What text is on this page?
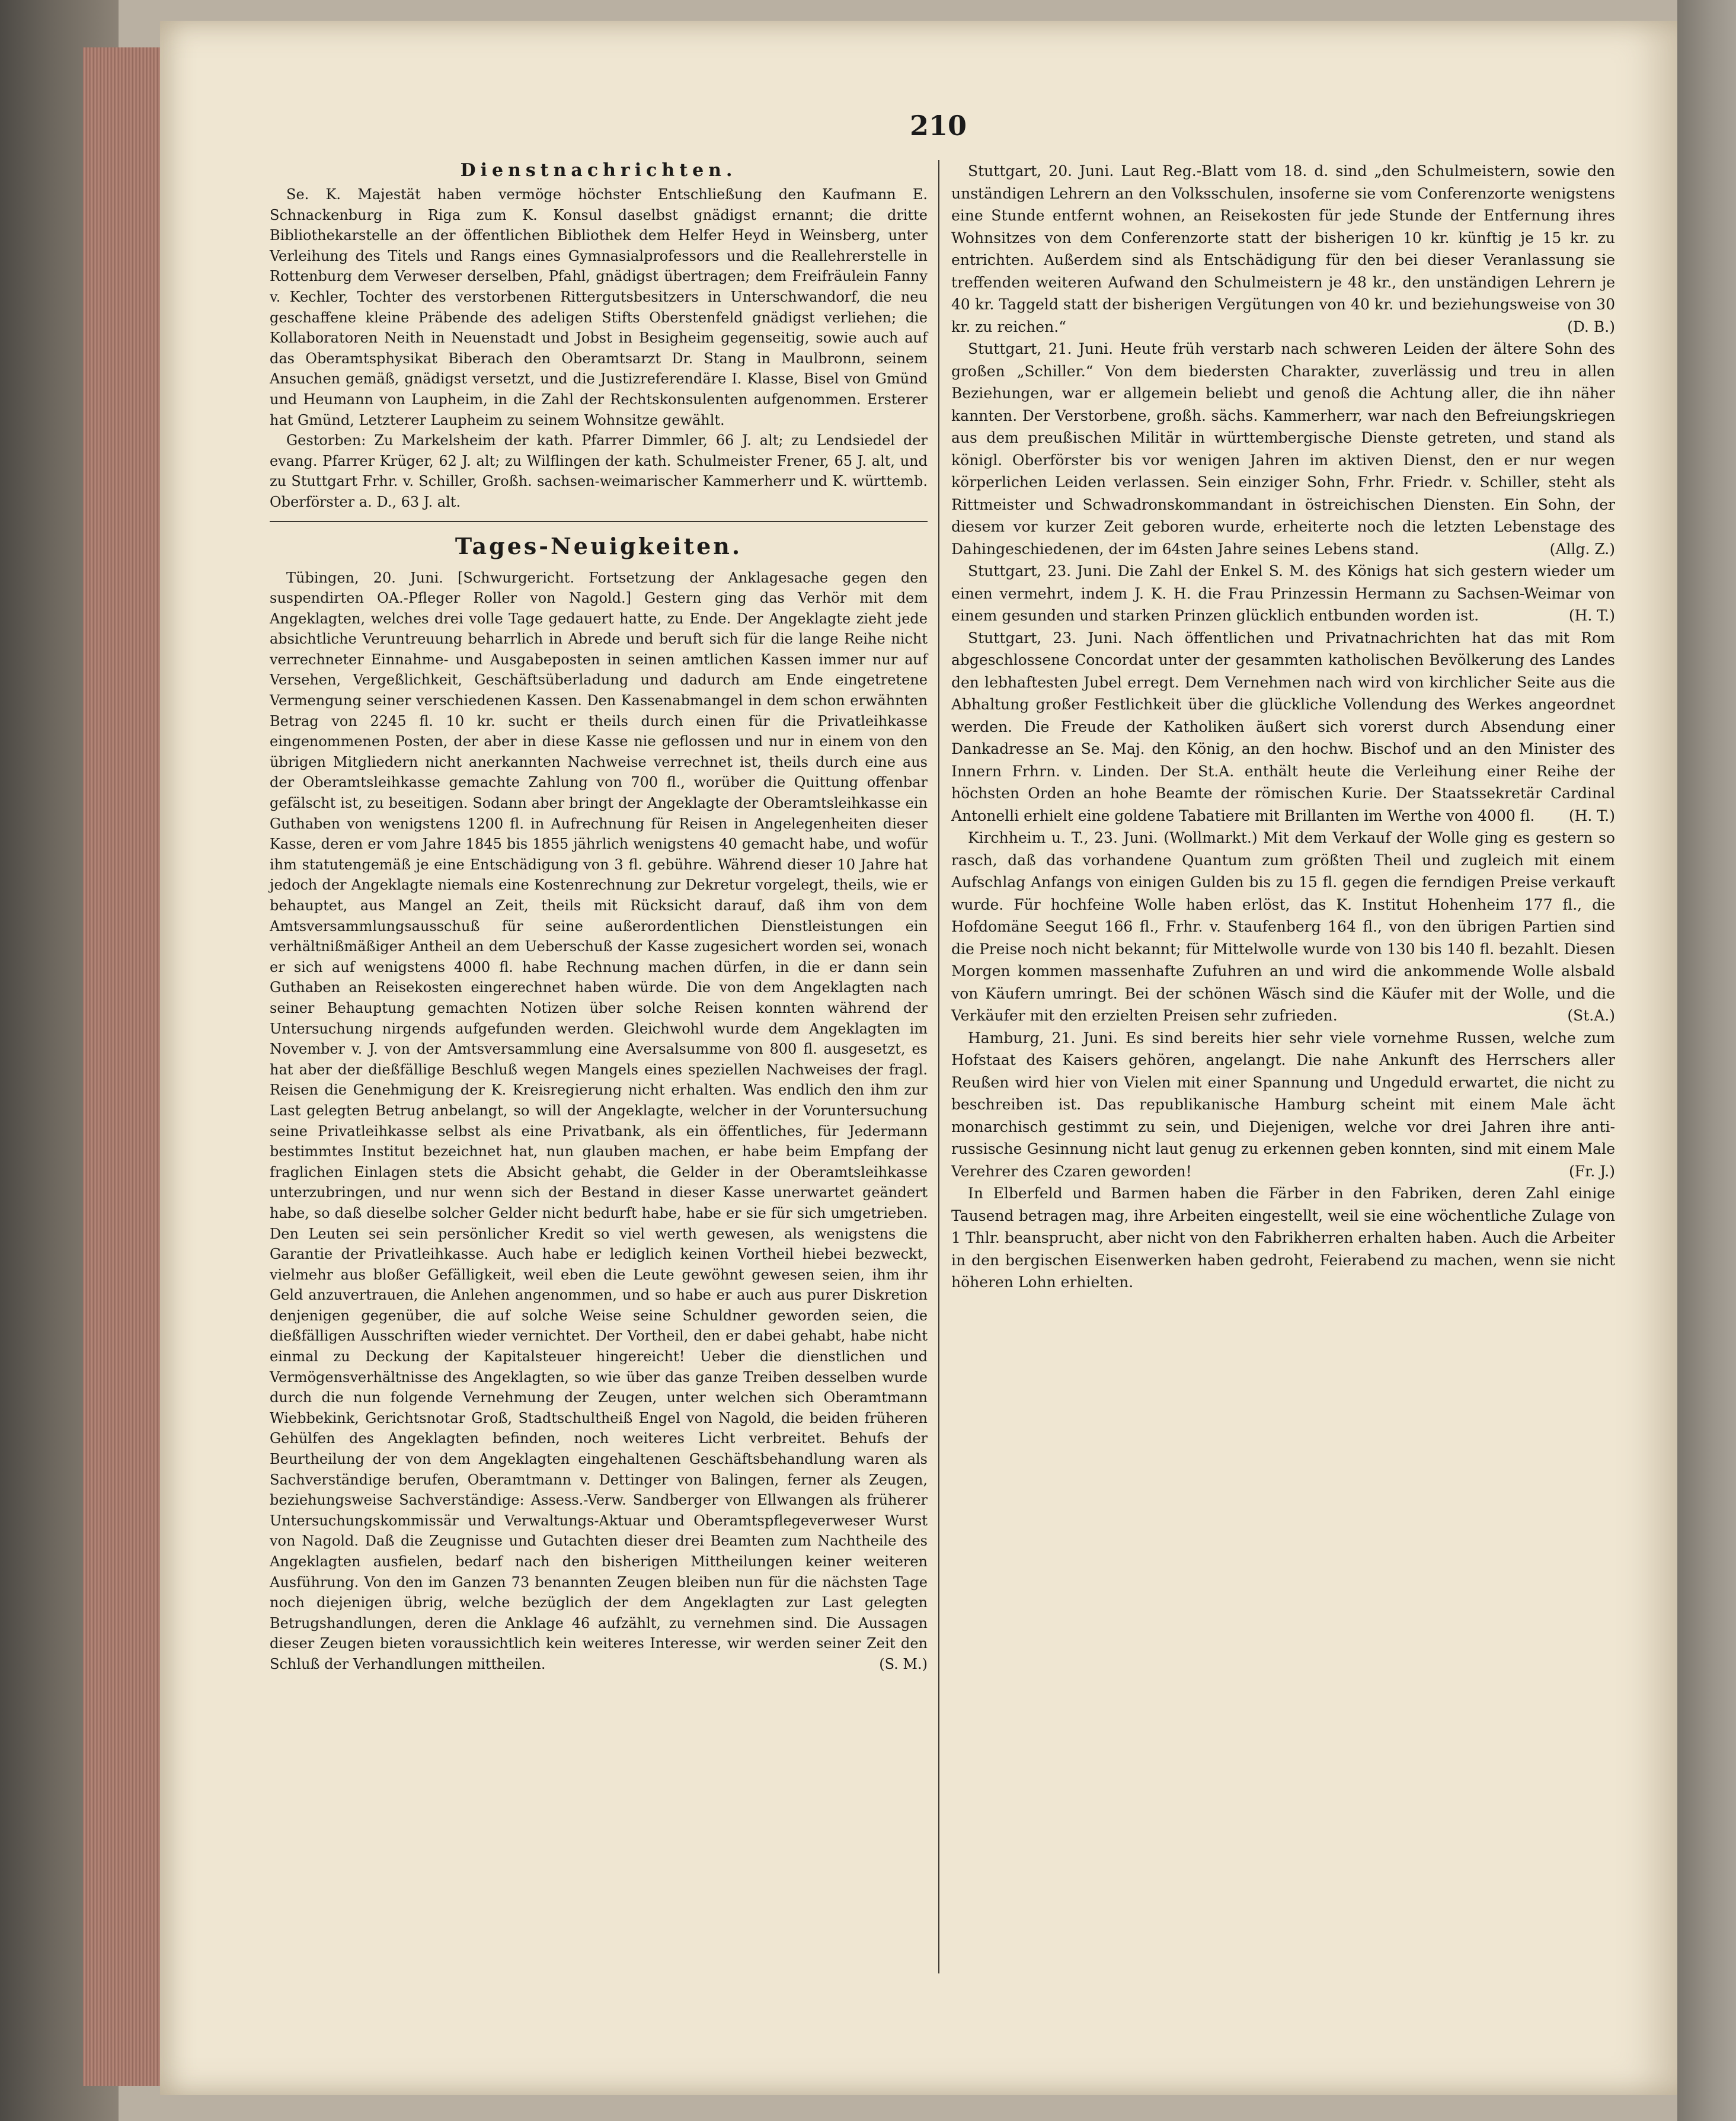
210
Dienstnachrichten.

Se. K. Majestät haben vermöge höchster Entschließung den Kaufmann E. Schnackenburg in Riga zum K. Konsul daselbst gnädigst ernannt; die dritte Bibliothekarstelle an der öffentlichen Bibliothek dem Helfer Heyd in Weinsberg, unter Verleihung des Titels und Rangs eines Gymnasialprofessors und die Reallehrerstelle in Rottenburg dem Verweser derselben, Pfahl, gnädigst übertragen; dem Freifräulein Fanny v. Kechler, Tochter des verstorbenen Rittergutsbesitzers in Unterschwandorf, die neu geschaffene kleine Präbende des adeligen Stifts Oberstenfeld gnädigst verliehen; die Kollaboratoren Neith in Neuenstadt und Jobst in Besigheim gegenseitig, sowie auch auf das Oberamtsphysikat Biberach den Oberamtsarzt Dr. Stang in Maulbronn, seinem Ansuchen gemäß, gnädigst versetzt, und die Justizreferendäre I. Klasse, Bisel von Gmünd und Heumann von Laupheim, in die Zahl der Rechtskonsulenten aufgenommen. Ersterer hat Gmünd, Letzterer Laupheim zu seinem Wohnsitze gewählt.

Gestorben: Zu Markelsheim der kath. Pfarrer Dimmler, 66 J. alt; zu Lendsiedel der evang. Pfarrer Krüger, 62 J. alt; zu Wilflingen der kath. Schulmeister Frener, 65 J. alt, und zu Stuttgart Frhr. v. Schiller, Großh. sachsen-weimarischer Kammerherr und K. württemb. Oberförster a. D., 63 J. alt.

Tages-Neuigkeiten.

Tübingen, 20. Juni. [Schwurgericht. Fortsetzung der Anklagesache gegen den suspendirten OA.-Pfleger Roller von Nagold.] Gestern ging das Verhör mit dem Angeklagten, welches drei volle Tage gedauert hatte, zu Ende. Der Angeklagte zieht jede absichtliche Veruntreuung beharrlich in Abrede und beruft sich für die lange Reihe nicht verrechneter Einnahme- und Ausgabeposten in seinen amtlichen Kassen immer nur auf Versehen, Vergeßlichkeit, Geschäftsüberladung und dadurch am Ende eingetretene Vermengung seiner verschiedenen Kassen. Den Kassenabmangel in dem schon erwähnten Betrag von 2245 fl. 10 kr. sucht er theils durch einen für die Privatleihkasse eingenommenen Posten, der aber in diese Kasse nie geflossen und nur in einem von den übrigen Mitgliedern nicht anerkannten Nachweise verrechnet ist, theils durch eine aus der Oberamtsleihkasse gemachte Zahlung von 700 fl., worüber die Quittung offenbar gefälscht ist, zu beseitigen. Sodann aber bringt der Angeklagte der Oberamtsleihkasse ein Guthaben von wenigstens 1200 fl. in Aufrechnung für Reisen in Angelegenheiten dieser Kasse, deren er vom Jahre 1845 bis 1855 jährlich wenigstens 40 gemacht habe, und wofür ihm statutengemäß je eine Entschädigung von 3 fl. gebühre. Während dieser 10 Jahre hat jedoch der Angeklagte niemals eine Kostenrechnung zur Dekretur vorgelegt, theils, wie er behauptet, aus Mangel an Zeit, theils mit Rücksicht darauf, daß ihm von dem Amtsversammlungsausschuß für seine außerordentlichen Dienstleistungen ein verhältnißmäßiger Antheil an dem Ueberschuß der Kasse zugesichert worden sei, wonach er sich auf wenigstens 4000 fl. habe Rechnung machen dürfen, in die er dann sein Guthaben an Reisekosten eingerechnet haben würde. Die von dem Angeklagten nach seiner Behauptung gemachten Notizen über solche Reisen konnten während der Untersuchung nirgends aufgefunden werden. Gleichwohl wurde dem Angeklagten im November v. J. von der Amtsversammlung eine Aversalsumme von 800 fl. ausgesetzt, es hat aber der dießfällige Beschluß wegen Mangels eines speziellen Nachweises der fragl. Reisen die Genehmigung der K. Kreisregierung nicht erhalten. Was endlich den ihm zur Last gelegten Betrug anbelangt, so will der Angeklagte, welcher in der Voruntersuchung seine Privatleihkasse selbst als eine Privatbank, als ein öffentliches, für Jedermann bestimmtes Institut bezeichnet hat, nun glauben machen, er habe beim Empfang der fraglichen Einlagen stets die Absicht gehabt, die Gelder in der Oberamtsleihkasse unterzubringen, und nur wenn sich der Bestand in dieser Kasse unerwartet geändert habe, so daß dieselbe solcher Gelder nicht bedurft habe, habe er sie für sich umgetrieben. Den Leuten sei sein persönlicher Kredit so viel werth gewesen, als wenigstens die Garantie der Privatleihkasse. Auch habe er lediglich keinen Vortheil hiebei bezweckt, vielmehr aus bloßer Gefälligkeit, weil eben die Leute gewöhnt gewesen seien, ihm ihr Geld anzuvertrauen, die Anlehen angenommen, und so habe er auch aus purer Diskretion denjenigen gegenüber, die auf solche Weise seine Schuldner geworden seien, die dießfälligen Ausschriften wieder vernichtet. Der Vortheil, den er dabei gehabt, habe nicht einmal zu Deckung der Kapitalsteuer hingereicht! Ueber die dienstlichen und Vermögensverhältnisse des Angeklagten, so wie über das ganze Treiben desselben wurde durch die nun folgende Vernehmung der Zeugen, unter welchen sich Oberamtmann Wiebbekink, Gerichtsnotar Groß, Stadtschultheiß Engel von Nagold, die beiden früheren Gehülfen des Angeklagten befinden, noch weiteres Licht verbreitet. Behufs der Beurtheilung der von dem Angeklagten eingehaltenen Geschäftsbehandlung waren als Sachverständige berufen, Oberamtmann v. Dettinger von Balingen, ferner als Zeugen, beziehungsweise Sachverständige: Assess.-Verw. Sandberger von Ellwangen als früherer Untersuchungskommissär und Verwaltungs-Aktuar und Oberamtspflegeverweser Wurst von Nagold. Daß die Zeugnisse und Gutachten dieser drei Beamten zum Nachtheile des Angeklagten ausfielen, bedarf nach den bisherigen Mittheilungen keiner weiteren Ausführung. Von den im Ganzen 73 benannten Zeugen bleiben nun für die nächsten Tage noch diejenigen übrig, welche bezüglich der dem Angeklagten zur Last gelegten Betrugshandlungen, deren die Anklage 46 aufzählt, zu vernehmen sind. Die Aussagen dieser Zeugen bieten voraussichtlich kein weiteres Interesse, wir werden seiner Zeit den Schluß der Verhandlungen mittheilen.	(S. M.)

Stuttgart, 20. Juni. Laut Reg.-Blatt vom 18. d. sind „den Schulmeistern, sowie den unständigen Lehrern an den Volksschulen, insoferne sie vom Conferenzorte wenigstens eine Stunde entfernt wohnen, an Reisekosten für jede Stunde der Entfernung ihres Wohnsitzes von dem Conferenzorte statt der bisherigen 10 kr. künftig je 15 kr. zu entrichten. Außerdem sind als Entschädigung für den bei dieser Veranlassung sie treffenden weiteren Aufwand den Schulmeistern je 48 kr., den unständigen Lehrern je 40 kr. Taggeld statt der bisherigen Vergütungen von 40 kr. und beziehungsweise von 30 kr. zu reichen.“	(D. B.)

Stuttgart, 21. Juni. Heute früh verstarb nach schweren Leiden der ältere Sohn des großen „Schiller.“ Von dem biedersten Charakter, zuverlässig und treu in allen Beziehungen, war er allgemein beliebt und genoß die Achtung aller, die ihn näher kannten. Der Verstorbene, großh. sächs. Kammerherr, war nach den Befreiungskriegen aus dem preußischen Militär in württembergische Dienste getreten, und stand als königl. Oberförster bis vor wenigen Jahren im aktiven Dienst, den er nur wegen körperlichen Leiden verlassen. Sein einziger Sohn, Frhr. Friedr. v. Schiller, steht als Rittmeister und Schwadronskommandant in östreichischen Diensten. Ein Sohn, der diesem vor kurzer Zeit geboren wurde, erheiterte noch die letzten Lebenstage des Dahingeschiedenen, der im 64sten Jahre seines Lebens stand.	(Allg. Z.)

Stuttgart, 23. Juni. Die Zahl der Enkel S. M. des Königs hat sich gestern wieder um einen vermehrt, indem J. K. H. die Frau Prinzessin Hermann zu Sachsen-Weimar von einem gesunden und starken Prinzen glücklich entbunden worden ist.	(H. T.)

Stuttgart, 23. Juni. Nach öffentlichen und Privatnachrichten hat das mit Rom abgeschlossene Concordat unter der gesammten katholischen Bevölkerung des Landes den lebhaftesten Jubel erregt. Dem Vernehmen nach wird von kirchlicher Seite aus die Abhaltung großer Festlichkeit über die glückliche Vollendung des Werkes angeordnet werden. Die Freude der Katholiken äußert sich vorerst durch Absendung einer Dankadresse an Se. Maj. den König, an den hochw. Bischof und an den Minister des Innern Frhrn. v. Linden. Der St.A. enthält heute die Verleihung einer Reihe der höchsten Orden an hohe Beamte der römischen Kurie. Der Staatssekretär Cardinal Antonelli erhielt eine goldene Tabatiere mit Brillanten im Werthe von 4000 fl. (H. T.)

Kirchheim u. T., 23. Juni. (Wollmarkt.) Mit dem Verkauf der Wolle ging es gestern so rasch, daß das vorhandene Quantum zum größten Theil und zugleich mit einem Aufschlag Anfangs von einigen Gulden bis zu 15 fl. gegen die ferndigen Preise verkauft wurde. Für hochfeine Wolle haben erlöst, das K. Institut Hohenheim 177 fl., die Hofdomäne Seegut 166 fl., Frhr. v. Staufenberg 164 fl., von den übrigen Partien sind die Preise noch nicht bekannt; für Mittelwolle wurde von 130 bis 140 fl. bezahlt. Diesen Morgen kommen massenhafte Zufuhren an und wird die ankommende Wolle alsbald von Käufern umringt. Bei der schönen Wäsch sind die Käufer mit der Wolle, und die Verkäufer mit den erzielten Preisen sehr zufrieden.	(St.A.)

Hamburg, 21. Juni. Es sind bereits hier sehr viele vornehme Russen, welche zum Hofstaat des Kaisers gehören, angelangt. Die nahe Ankunft des Herrschers aller Reußen wird hier von Vielen mit einer Spannung und Ungeduld erwartet, die nicht zu beschreiben ist. Das republikanische Hamburg scheint mit einem Male ächt monarchisch gestimmt zu sein, und Diejenigen, welche vor drei Jahren ihre anti-russische Gesinnung nicht laut genug zu erkennen geben konnten, sind mit einem Male Verehrer des Czaren geworden!	(Fr. J.)

In Elberfeld und Barmen haben die Färber in den Fabriken, deren Zahl einige Tausend betragen mag, ihre Arbeiten eingestellt, weil sie eine wöchentliche Zulage von 1 Thlr. beansprucht, aber nicht von den Fabrikherren erhalten haben. Auch die Arbeiter in den bergischen Eisenwerken haben gedroht, Feierabend zu machen, wenn sie nicht höheren Lohn erhielten.
